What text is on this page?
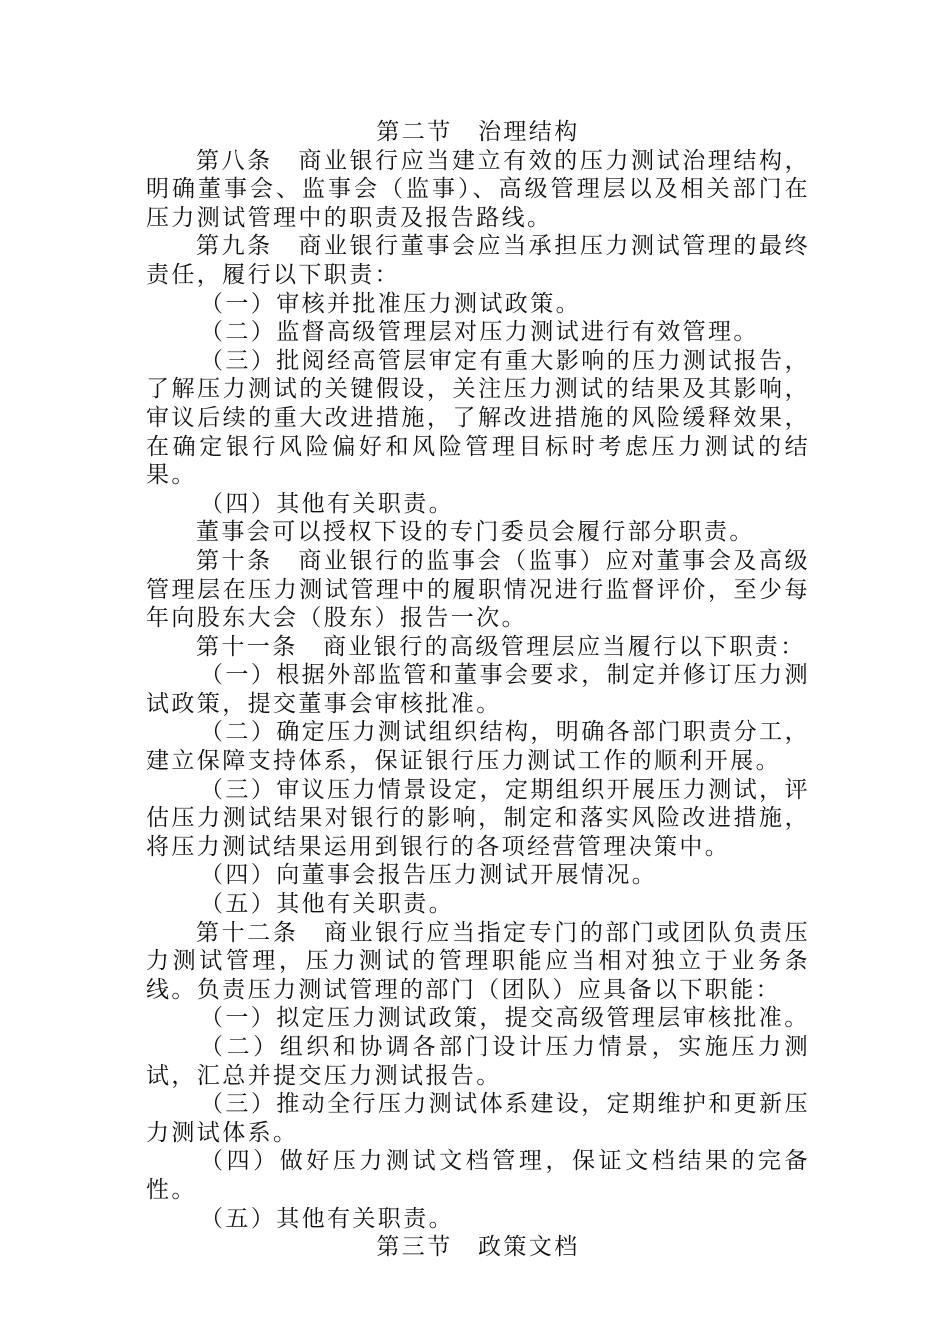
第二节　治理结构

第八条　商业银行应当建立有效的压力测试治理结构，明确董事会、监事会（监事）、高级管理层以及相关部门在压力测试管理中的职责及报告路线。

第九条　商业银行董事会应当承担压力测试管理的最终责任，履行以下职责：

（一）审核并批准压力测试政策。

（二）监督高级管理层对压力测试进行有效管理。

（三）批阅经高管层审定有重大影响的压力测试报告，了解压力测试的关键假设，关注压力测试的结果及其影响，审议后续的重大改进措施，了解改进措施的风险缓释效果，在确定银行风险偏好和风险管理目标时考虑压力测试的结果。

（四）其他有关职责。

董事会可以授权下设的专门委员会履行部分职责。

第十条　商业银行的监事会（监事）应对董事会及高级管理层在压力测试管理中的履职情况进行监督评价，至少每年向股东大会（股东）报告一次。

第十一条　商业银行的高级管理层应当履行以下职责：

（一）根据外部监管和董事会要求，制定并修订压力测试政策，提交董事会审核批准。

（二）确定压力测试组织结构，明确各部门职责分工，建立保障支持体系，保证银行压力测试工作的顺利开展。

（三）审议压力情景设定，定期组织开展压力测试，评估压力测试结果对银行的影响，制定和落实风险改进措施，将压力测试结果运用到银行的各项经营管理决策中。

（四）向董事会报告压力测试开展情况。

（五）其他有关职责。

第十二条　商业银行应当指定专门的部门或团队负责压力测试管理，压力测试的管理职能应当相对独立于业务条线。负责压力测试管理的部门（团队）应具备以下职能：

（一）拟定压力测试政策，提交高级管理层审核批准。

（二）组织和协调各部门设计压力情景，实施压力测试，汇总并提交压力测试报告。

（三）推动全行压力测试体系建设，定期维护和更新压力测试体系。

（四）做好压力测试文档管理，保证文档结果的完备性。

（五）其他有关职责。

第三节　政策文档
